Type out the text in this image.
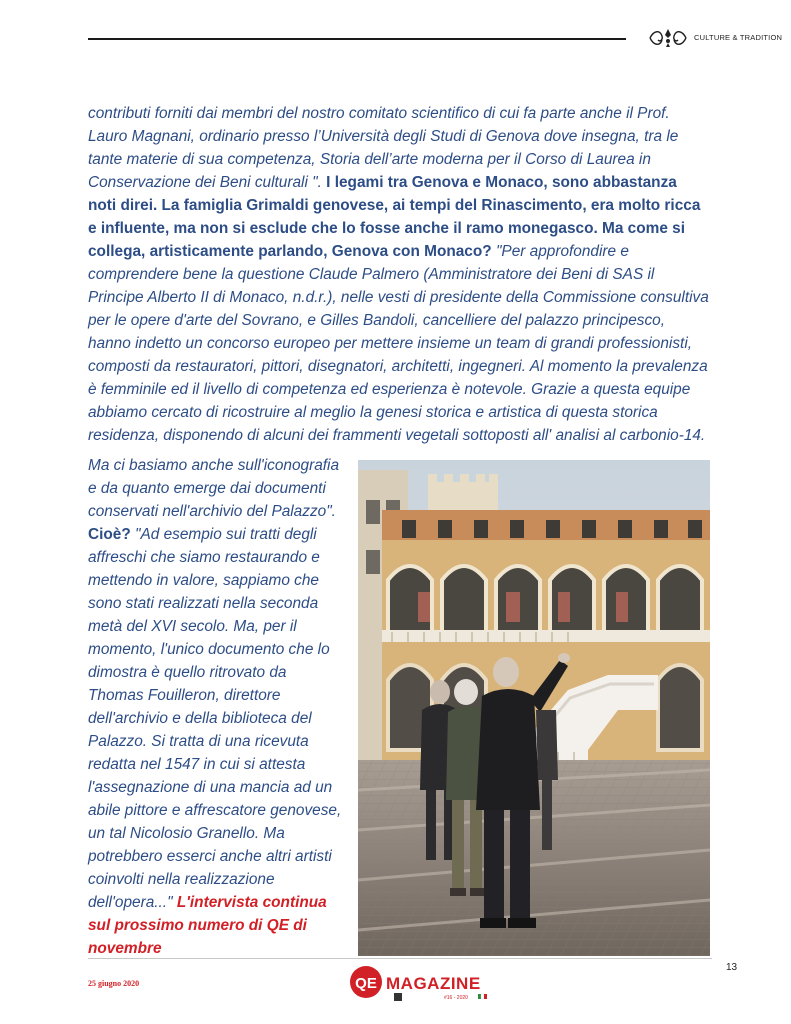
CULTURE & TRADITION
contributi forniti dai membri del nostro comitato scientifico di cui fa parte anche il Prof.
Lauro Magnani, ordinario presso l’Università degli Studi di Genova dove insegna, tra le
tante materie di sua competenza, Storia dell’arte moderna per il Corso di Laurea in
Conservazione dei Beni culturali ". I legami tra Genova e Monaco, sono abbastanza
noti direi. La famiglia Grimaldi genovese, ai tempi del Rinascimento, era molto ricca
e influente, ma non si esclude che lo fosse anche il ramo monegasco. Ma come si
collega, artisticamente parlando, Genova con Monaco? "Per approfondire e
comprendere bene la questione Claude Palmero (Amministratore dei Beni di SAS il
Principe Alberto II di Monaco, n.d.r.), nelle vesti di presidente della Commissione consultiva
per le opere d'arte del Sovrano, e Gilles Bandoli, cancelliere del palazzo principesco,
hanno indetto un concorso europeo per mettere insieme un team di grandi professionisti,
composti da restauratori, pittori, disegnatori, architetti, ingegneri. Al momento la prevalenza
è femminile ed il livello di competenza ed esperienza è notevole. Grazie a questa equipe
abbiamo cercato di ricostruire al meglio la genesi storica e artistica di questa storica
residenza, disponendo di alcuni dei frammenti vegetali sottoposti all' analisi al carbonio-14.
Ma ci basiamo anche sull'iconografia
e da quanto emerge dai documenti
conservati nell'archivio del Palazzo".
Cioè? "Ad esempio sui tratti degli
affreschi che siamo restaurando e
mettendo in valore, sappiamo che
sono stati realizzati nella seconda
metà del XVI secolo. Ma, per il
momento, l'unico documento che lo
dimostra è quello ritrovato da
Thomas Fouilleron, direttore
dell'archivio e della biblioteca del
Palazzo. Si tratta di una ricevuta
redatta nel 1547 in cui si attesta
l'assegnazione di una mancia ad un
abile pittore e affrescatore genovese,
un tal Nicolosio Granello. Ma
potrebbero esserci anche altri artisti
coinvolti nella realizzazione
dell'opera..." L'intervista continua
sul prossimo numero di QE di
novembre
13
25 giugno 2020	QE MAGAZINE
#16 - 2020
